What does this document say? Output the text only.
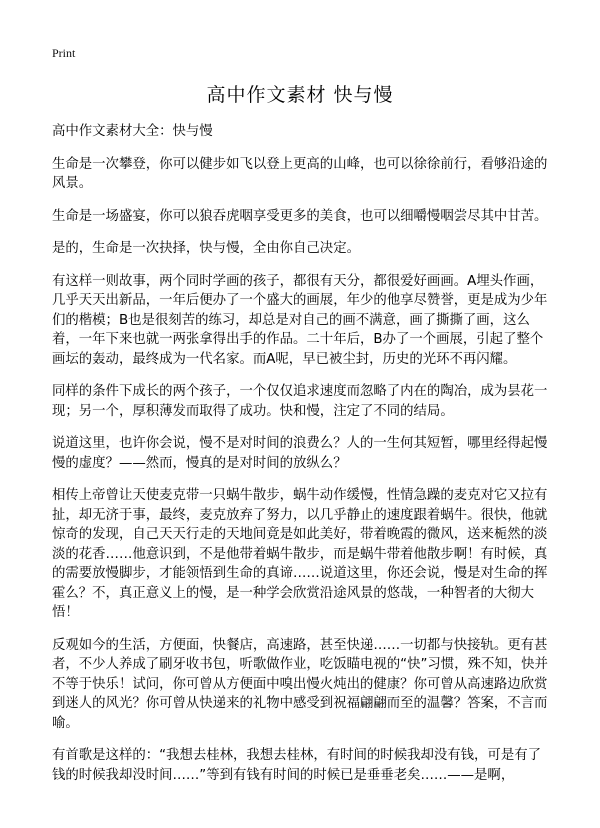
Print
高中作文素材 快与慢

高中作文素材大全：快与慢

生命是一次攀登，你可以健步如飞以登上更高的山峰，也可以徐徐前行，看够沿途的风景。

生命是一场盛宴，你可以狼吞虎咽享受更多的美食，也可以细嚼慢咽尝尽其中甘苦。

是的，生命是一次抉择，快与慢，全由你自己决定。

有这样一则故事，两个同时学画的孩子，都很有天分，都很爱好画画。A埋头作画，几乎天天出新品，一年后便办了一个盛大的画展，年少的他享尽赞誉，更是成为少年们的楷模；B也是很刻苦的练习，却总是对自己的画不满意，画了撕撕了画，这么着，一年下来也就一两张拿得出手的作品。二十年后，B办了一个画展，引起了整个画坛的轰动，最终成为一代名家。而A呢，早已被尘封，历史的光环不再闪耀。

同样的条件下成长的两个孩子，一个仅仅追求速度而忽略了内在的陶冶，成为昙花一现；另一个，厚积薄发而取得了成功。快和慢，注定了不同的结局。

说道这里，也许你会说，慢不是对时间的浪费么？人的一生何其短暂，哪里经得起慢慢的虚度？——然而，慢真的是对时间的放纵么？

相传上帝曾让天使麦克带一只蜗牛散步，蜗牛动作缓慢，性情急躁的麦克对它又拉有扯，却无济于事，最终，麦克放弃了努力，以几乎静止的速度跟着蜗牛。很快，他就惊奇的发现，自己天天行走的天地间竟是如此美好，带着晚霞的微风，送来栀然的淡淡的花香……他意识到，不是他带着蜗牛散步，而是蜗牛带着他散步啊！有时候，真的需要放慢脚步，才能领悟到生命的真谛……说道这里，你还会说，慢是对生命的挥霍么？不，真正意义上的慢，是一种学会欣赏沿途风景的悠哉，一种智者的大彻大悟！

反观如今的生活，方便面，快餐店，高速路，甚至快递……一切都与快接轨。更有甚者，不少人养成了刷牙收书包，听歌做作业，吃饭瞄电视的“快”习惯，殊不知，快并不等于快乐！试问，你可曾从方便面中嗅出慢火炖出的健康？你可曾从高速路边欣赏到迷人的风光？你可曾从快递来的礼物中感受到祝福翩翩而至的温馨？答案，不言而喻。

有首歌是这样的：“我想去桂林，我想去桂林，有时间的时候我却没有钱，可是有了钱的时候我却没时间……”等到有钱有时间的时候已是垂垂老矣……——是啊，
